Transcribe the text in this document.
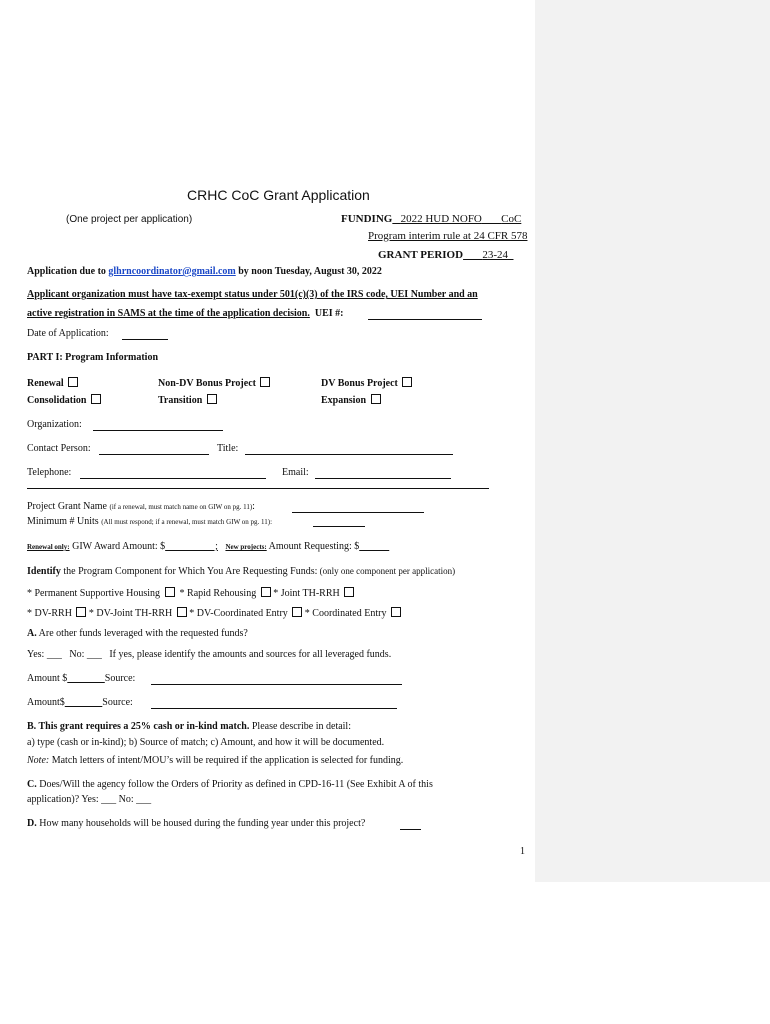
CRHC CoC Grant Application
(One project per application)	FUNDING 2022 HUD NOFO CoC
Program interim rule at 24 CFR 578
GRANT PERIOD 23-24
Application due to glhrncoordinator@gmail.com by noon Tuesday, August 30, 2022
Applicant organization must have tax-exempt status under 501(c)(3) of the IRS code, UEI Number and an
active registration in SAMS at the time of the application decision. UEI #:
Date of Application:
PART I: Program Information
Renewal	Non-DV Bonus Project	DV Bonus Project
Consolidation	Transition	Expansion
Organization:
Contact Person:	Title:
Telephone:	Email:
Project Grant Name (if a renewal, must match name on GIW on pg. 11):
Minimum # Units (All must respond; if a renewal, must match GIW on pg. 11):
Renewal only: GIW Award Amount: $                    ; New projects: Amount Requesting: $
Identify the Program Component for Which You Are Requesting Funds: (only one component per application)
* Permanent Supportive Housing * Rapid Rehousing * Joint TH-RRH
* DV-RRH * DV-Joint TH-RRH * DV-Coordinated Entry * Coordinated Entry
A. Are other funds leveraged with the requested funds?
Yes: ___   No: ___   If yes, please identify the amounts and sources for all leveraged funds.
Amount $	Source:
Amount$	Source:
B. This grant requires a 25% cash or in-kind match. Please describe in detail:
a) type (cash or in-kind); b) Source of match; c) Amount, and how it will be documented.
Note: Match letters of intent/MOU’s will be required if the application is selected for funding.
C. Does/Will the agency follow the Orders of Priority as defined in CPD-16-11 (See Exhibit A of this
application)? Yes: ___ No: ___
D. How many households will be housed during the funding year under this project?
1
